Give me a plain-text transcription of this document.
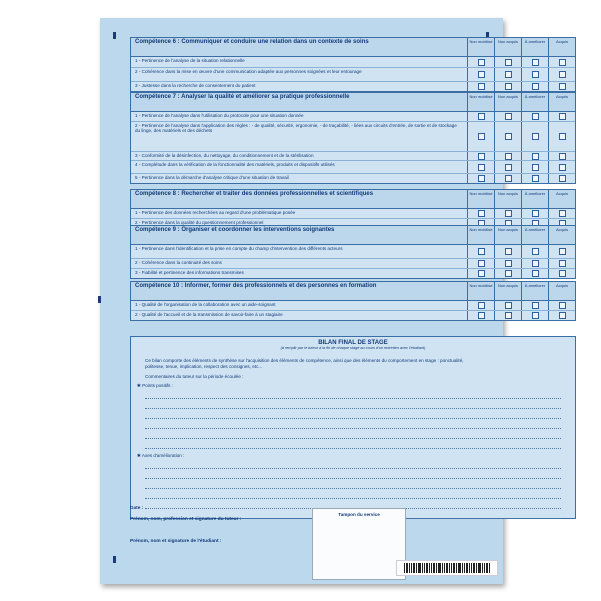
Compétence 6 : Communiquer et conduire une relation dans un contexte de soins	Non mobilisé	Non acquis	À améliorer	Acquis
1 - Pertinence de l'analyse de la situation relationnelle
2 - Cohérence dans la mise en œuvre d'une communication adaptée aux personnes soignées et leur entourage
3 - Justesse dans la recherche de consentement du patient
Compétence 7 : Analyser la qualité et améliorer sa pratique professionnelle	Non mobilisé	Non acquis	À améliorer	Acquis
1 - Pertinence de l'analyse dans l'utilisation du protocole pour une situation donnée
2 - Pertinence de l'analyse dans l'application des règles : - de qualité, sécurité, ergonomie, - de traçabilité, - liées aux circuits d'entrée, de sortie et de stockage du linge, des matériels et des déchets
3 - Conformité de la désinfection, du nettoyage, du conditionnement et de la stérilisation
4 - Complétude dans la vérification de la fonctionnalité des matériels, produits et dispositifs utilisés
5 - Pertinence dans la démarche d'analyse critique d'une situation de travail
Compétence 8 : Rechercher et traiter des données professionnelles et scientifiques	Non mobilisé	Non acquis	À améliorer	Acquis
1 - Pertinence des données recherchées au regard d'une problématique posée
2 - Pertinence dans la qualité du questionnement professionnel
Compétence 9 : Organiser et coordonner les interventions soignantes	Non mobilisé	Non acquis	À améliorer	Acquis
1 - Pertinence dans l'identification et la prise en compte du champ d'intervention des différents acteurs
2 - Cohérence dans la continuité des soins
3 - Fiabilité et pertinence des informations transmises
Compétence 10 : Informer, former des professionnels et des personnes en formation	Non mobilisé	Non acquis	À améliorer	Acquis
1 - Qualité de l'organisation de la collaboration avec un aide-soignant
2 - Qualité de l'accueil et de la transmission de savoir-faire à un stagiaire
BILAN FINAL DE STAGE
(à remplir par le tuteur à la fin de chaque stage au cours d'un entretien avec l'étudiant)
Ce bilan comporte des éléments de synthèse sur l'acquisition des éléments de compétence, ainsi que des éléments du comportement en stage : ponctualité, politesse, tenue, implication, respect des consignes, etc...
Commentaires du tuteur sur la période écoulée :
✱ Points positifs :
✱ Axes d'amélioration :
Date :
Prénom, nom, profession et signature du tuteur :
Prénom, nom et signature de l'étudiant :
Tampon du service
